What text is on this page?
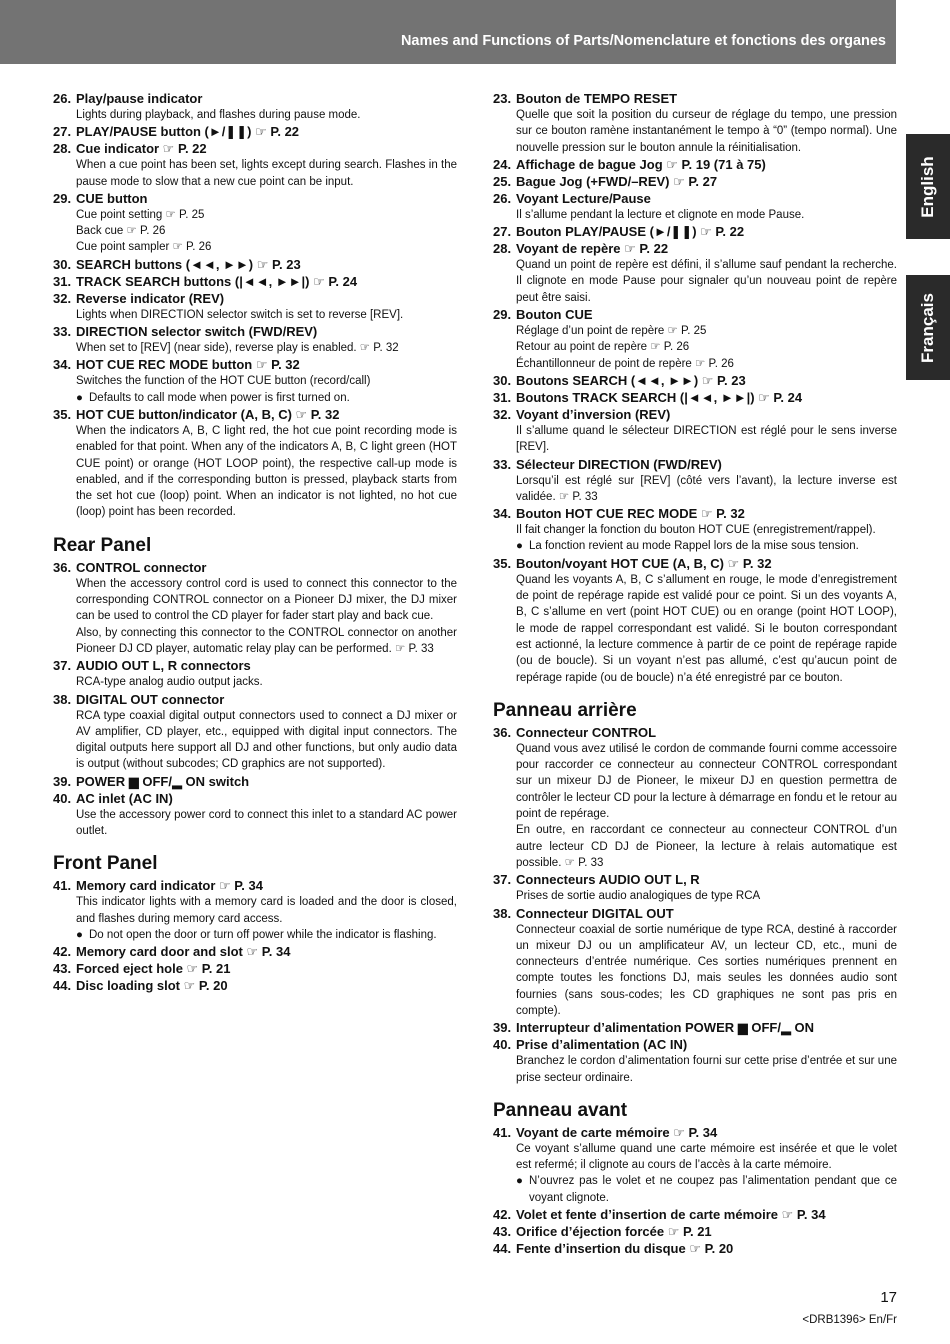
Names and Functions of Parts/Nomenclature et fonctions des organes
English
Français
26. Play/pause indicator
Lights during playback, and flashes during pause mode.
27. PLAY/PAUSE button (►/❚❚) ☞ P. 22
28. Cue indicator ☞ P. 22
When a cue point has been set, lights except during search. Flashes in the pause mode to slow that a new cue point can be input.
29. CUE button
Cue point setting ☞ P. 25
Back cue ☞ P. 26
Cue point sampler ☞ P. 26
30. SEARCH buttons (◄◄, ►►) ☞ P. 23
31. TRACK SEARCH buttons (|◄◄, ►►|) ☞ P. 24
32. Reverse indicator (REV)
Lights when DIRECTION selector switch is set to reverse [REV].
33. DIRECTION selector switch (FWD/REV)
When set to [REV] (near side), reverse play is enabled. ☞ P. 32
34. HOT CUE REC MODE button ☞ P. 32
Switches the function of the HOT CUE button (record/call)
● Defaults to call mode when power is first turned on.
35. HOT CUE button/indicator (A, B, C) ☞ P. 32
When the indicators A, B, C light red, the hot cue point recording mode is enabled for that point. When any of the indicators A, B, C light green (HOT CUE point) or orange (HOT LOOP point), the respective call-up mode is enabled, and if the corresponding button is pressed, playback starts from the set hot cue (loop) point. When an indicator is not lighted, no hot cue (loop) point has been recorded.
Rear Panel
36. CONTROL connector
When the accessory control cord is used to connect this connector to the corresponding CONTROL connector on a Pioneer DJ mixer, the DJ mixer can be used to control the CD player for fader start play and back cue.
Also, by connecting this connector to the CONTROL connector on another Pioneer DJ CD player, automatic relay play can be performed. ☞ P. 33
37. AUDIO OUT L, R connectors
RCA-type analog audio output jacks.
38. DIGITAL OUT connector
RCA type coaxial digital output connectors used to connect a DJ mixer or AV amplifier, CD player, etc., equipped with digital input connectors. The digital outputs here support all DJ and other functions, but only audio data is output (without subcodes; CD graphics are not supported).
39. POWER ▆ OFF/▂ ON switch
40. AC inlet (AC IN)
Use the accessory power cord to connect this inlet to a standard AC power outlet.
Front Panel
41. Memory card indicator ☞ P. 34
This indicator lights with a memory card is loaded and the door is closed, and flashes during memory card access.
● Do not open the door or turn off power while the indicator is flashing.
42. Memory card door and slot ☞ P. 34
43. Forced eject hole ☞ P. 21
44. Disc loading slot ☞ P. 20
23. Bouton de TEMPO RESET
Quelle que soit la position du curseur de réglage du tempo, une pression sur ce bouton ramène instantanément le tempo à “0” (tempo normal). Une nouvelle pression sur le bouton annule la réinitialisation.
24. Affichage de bague Jog ☞ P. 19 (71 à 75)
25. Bague Jog (+FWD/–REV) ☞ P. 27
26. Voyant Lecture/Pause
Il s’allume pendant la lecture et clignote en mode Pause.
27. Bouton PLAY/PAUSE (►/❚❚) ☞ P. 22
28. Voyant de repère ☞ P. 22
Quand un point de repère est défini, il s’allume sauf pendant la recherche. Il clignote en mode Pause pour signaler qu’un nouveau point de repère peut être saisi.
29. Bouton CUE
Réglage d’un point de repère ☞ P. 25
Retour au point de repère ☞ P. 26
Échantillonneur de point de repère ☞ P. 26
30. Boutons SEARCH (◄◄, ►►) ☞ P. 23
31. Boutons TRACK SEARCH (|◄◄, ►►|) ☞ P. 24
32. Voyant d’inversion (REV)
Il s’allume quand le sélecteur DIRECTION est réglé pour le sens inverse [REV].
33. Sélecteur DIRECTION (FWD/REV)
Lorsqu’il est réglé sur [REV] (côté vers l’avant), la lecture inverse est validée. ☞ P. 33
34. Bouton HOT CUE REC MODE ☞ P. 32
Il fait changer la fonction du bouton HOT CUE (enregistrement/rappel).
● La fonction revient au mode Rappel lors de la mise sous tension.
35. Bouton/voyant HOT CUE (A, B, C) ☞ P. 32
Quand les voyants A, B, C s’allument en rouge, le mode d’enregistrement de point de repérage rapide est validé pour ce point. Si un des voyants A, B, C s’allume en vert (point HOT CUE) ou en orange (point HOT LOOP), le mode de rappel correspondant est validé. Si le bouton correspondant est actionné, la lecture commence à partir de ce point de repérage rapide (ou de boucle). Si un voyant n’est pas allumé, c’est qu’aucun point de repérage rapide (ou de boucle) n’a été enregistré par ce bouton.
Panneau arrière
36. Connecteur CONTROL
Quand vous avez utilisé le cordon de commande fourni comme accessoire pour raccorder ce connecteur au connecteur CONTROL correspondant sur un mixeur DJ de Pioneer, le mixeur DJ en question permettra de contrôler le lecteur CD pour la lecture à démarrage en fondu et le retour au point de repérage.
En outre, en raccordant ce connecteur au connecteur CONTROL d’un autre lecteur CD DJ de Pioneer, la lecture à relais automatique est possible. ☞ P. 33
37. Connecteurs AUDIO OUT L, R
Prises de sortie audio analogiques de type RCA
38. Connecteur DIGITAL OUT
Connecteur coaxial de sortie numérique de type RCA, destiné à raccorder un mixeur DJ ou un amplificateur AV, un lecteur CD, etc., muni de connecteurs d’entrée numérique. Ces sorties numériques prennent en compte toutes les fonctions DJ, mais seules les données audio sont fournies (sans sous-codes; les CD graphiques ne sont pas pris en compte).
39. Interrupteur d’alimentation POWER ▆ OFF/▂ ON
40. Prise d’alimentation (AC IN)
Branchez le cordon d’alimentation fourni sur cette prise d’entrée et sur une prise secteur ordinaire.
Panneau avant
41. Voyant de carte mémoire ☞ P. 34
Ce voyant s’allume quand une carte mémoire est insérée et que le volet est refermé; il clignote au cours de l’accès à la carte mémoire.
● N’ouvrez pas le volet et ne coupez pas l’alimentation pendant que ce voyant clignote.
42. Volet et fente d’insertion de carte mémoire ☞ P. 34
43. Orifice d’éjection forcée ☞ P. 21
44. Fente d’insertion du disque ☞ P. 20
17
<DRB1396> En/Fr
